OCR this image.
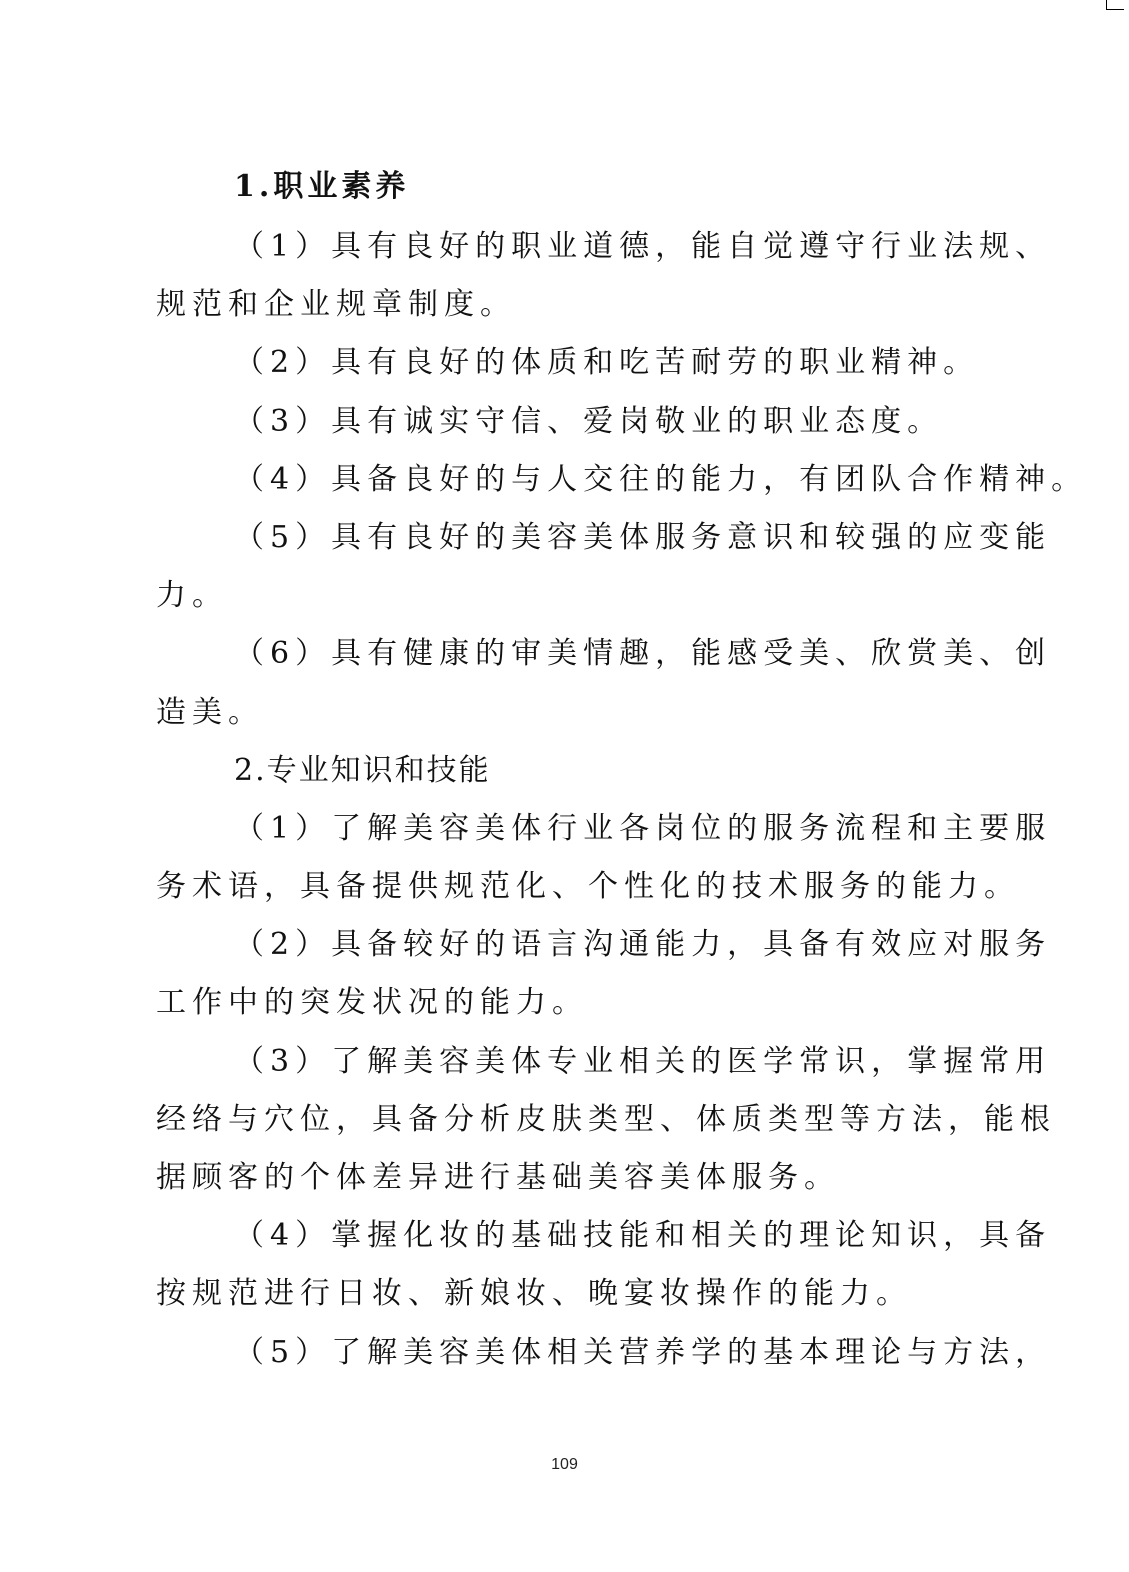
1.职业素养
（1）具有良好的职业道德，能自觉遵守行业法规、
规范和企业规章制度。
（2）具有良好的体质和吃苦耐劳的职业精神。
（3）具有诚实守信、爱岗敬业的职业态度。
（4）具备良好的与人交往的能力，有团队合作精神。
（5）具有良好的美容美体服务意识和较强的应变能
力。
（6）具有健康的审美情趣，能感受美、欣赏美、创
造美。
2.专业知识和技能
（1）了解美容美体行业各岗位的服务流程和主要服
务术语，具备提供规范化、个性化的技术服务的能力。
（2）具备较好的语言沟通能力，具备有效应对服务
工作中的突发状况的能力。
（3）了解美容美体专业相关的医学常识，掌握常用
经络与穴位，具备分析皮肤类型、体质类型等方法，能根
据顾客的个体差异进行基础美容美体服务。
（4）掌握化妆的基础技能和相关的理论知识，具备
按规范进行日妆、新娘妆、晚宴妆操作的能力。
（5）了解美容美体相关营养学的基本理论与方法，
109
